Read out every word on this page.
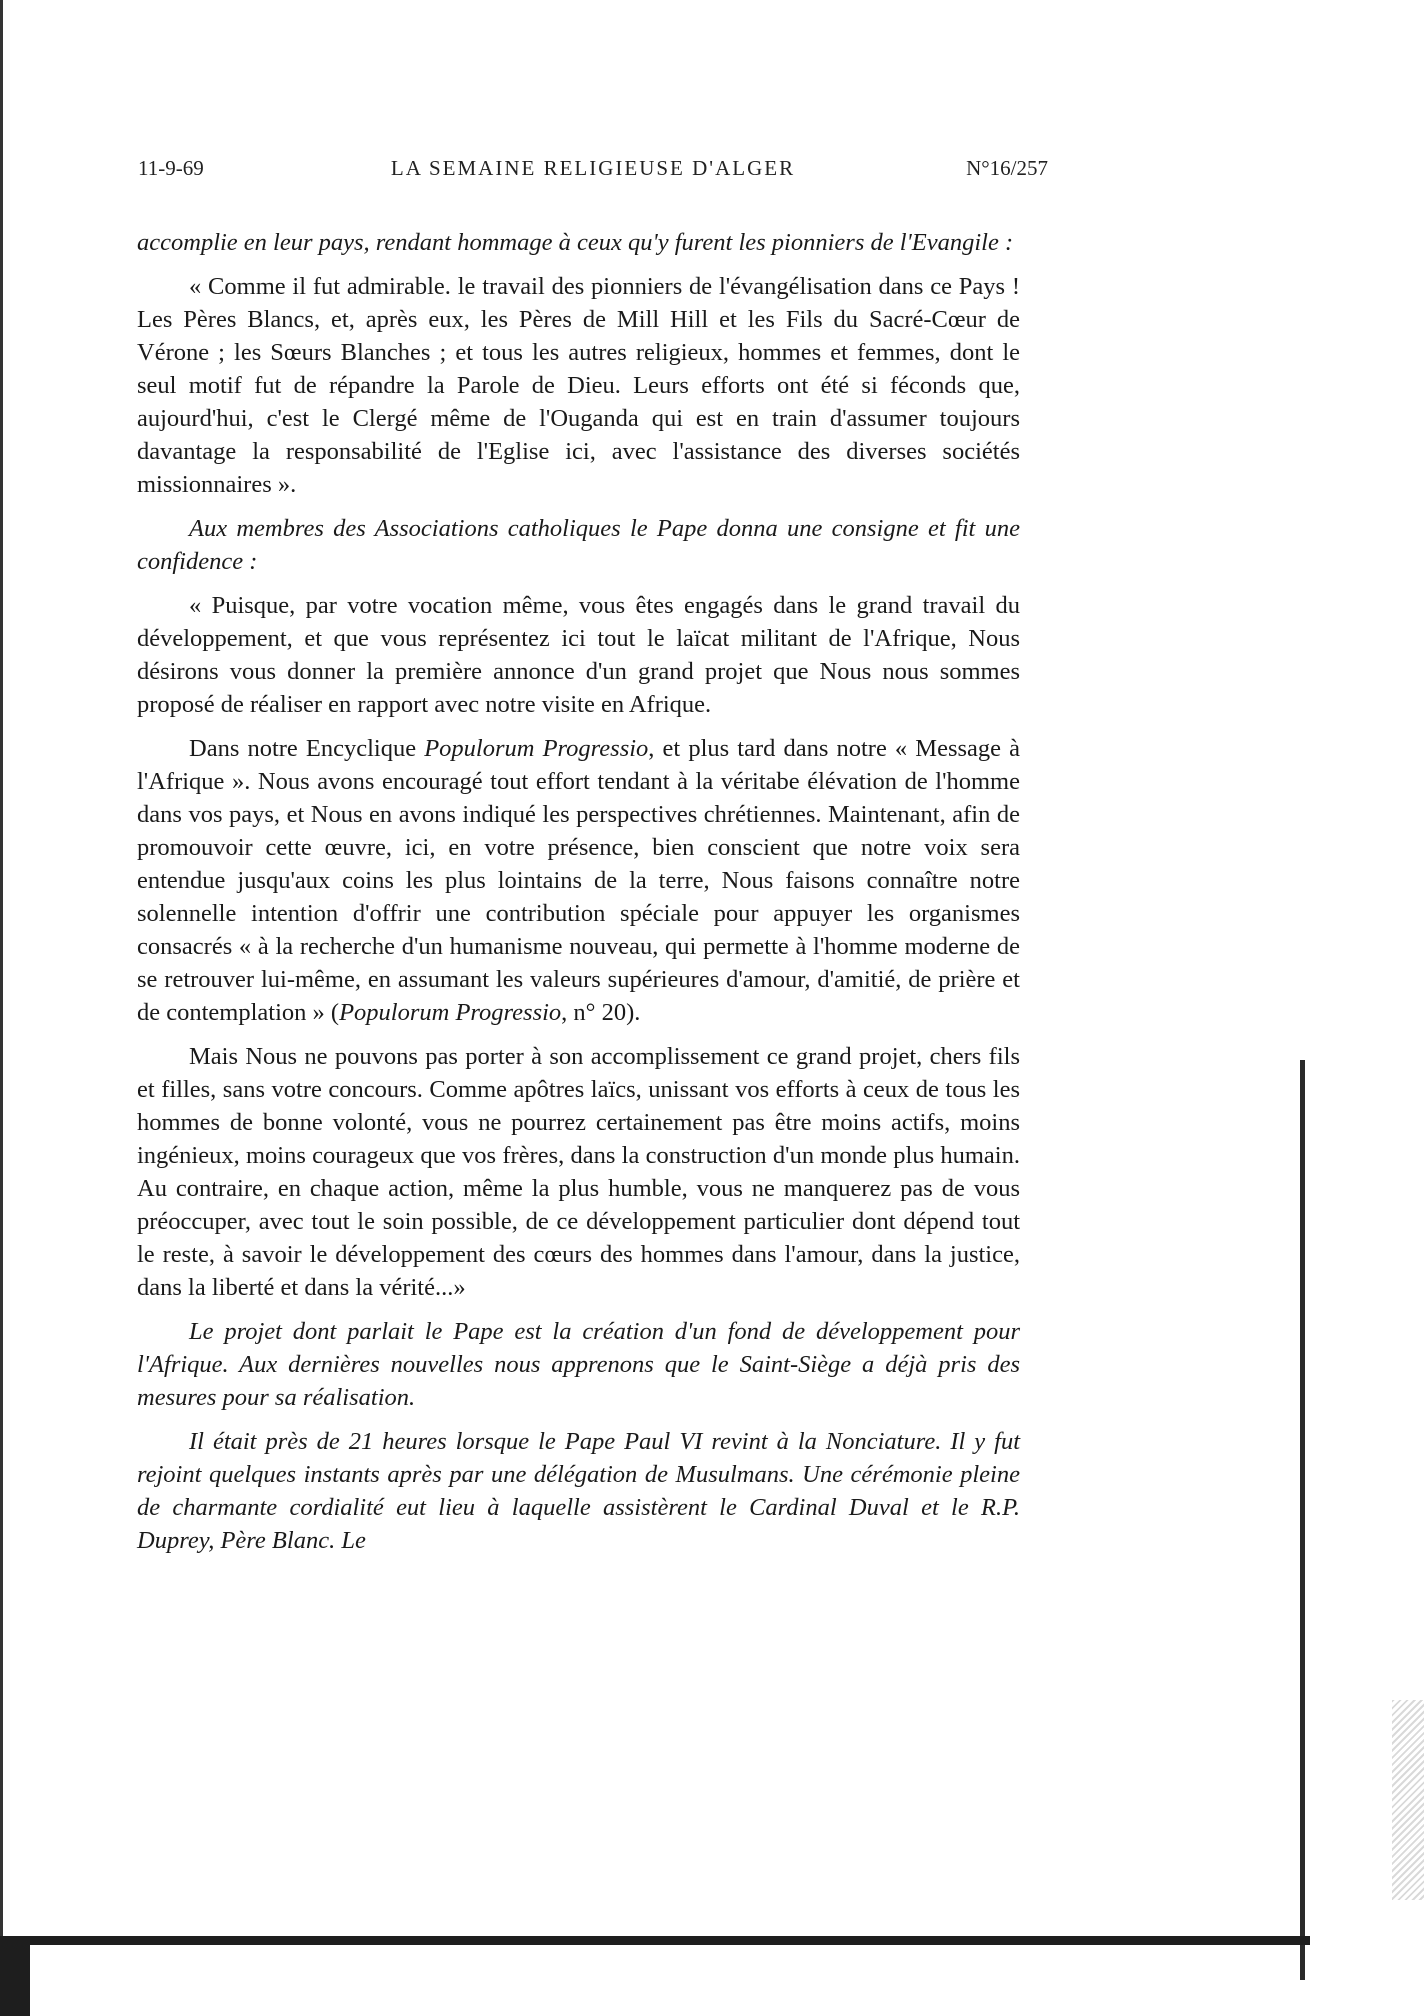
11-9-69	LA SEMAINE RELIGIEUSE D'ALGER	N°16/257

accomplie en leur pays, rendant hommage à ceux qu'y furent les pionniers de l'Evangile :

« Comme il fut admirable. le travail des pionniers de l'évangélisation dans ce Pays ! Les Pères Blancs, et, après eux, les Pères de Mill Hill et les Fils du Sacré-Cœur de Vérone ; les Sœurs Blanches ; et tous les autres religieux, hommes et femmes, dont le seul motif fut de répandre la Parole de Dieu. Leurs efforts ont été si féconds que, aujourd'hui, c'est le Clergé même de l'Ouganda qui est en train d'assumer toujours davantage la responsabilité de l'Eglise ici, avec l'assistance des diverses sociétés missionnaires ».

Aux membres des Associations catholiques le Pape donna une consigne et fit une confidence :

« Puisque, par votre vocation même, vous êtes engagés dans le grand travail du développement, et que vous représentez ici tout le laïcat militant de l'Afrique, Nous désirons vous donner la première annonce d'un grand projet que Nous nous sommes proposé de réaliser en rapport avec notre visite en Afrique.

Dans notre Encyclique Populorum Progressio, et plus tard dans notre « Message à l'Afrique ». Nous avons encouragé tout effort tendant à la véritabe élévation de l'homme dans vos pays, et Nous en avons indiqué les perspectives chrétiennes. Maintenant, afin de promouvoir cette œuvre, ici, en votre présence, bien conscient que notre voix sera entendue jusqu'aux coins les plus lointains de la terre, Nous faisons connaître notre solennelle intention d'offrir une contribution spéciale pour appuyer les organismes consacrés « à la recherche d'un humanisme nouveau, qui permette à l'homme moderne de se retrouver lui-même, en assumant les valeurs supérieures d'amour, d'amitié, de prière et de contemplation » (Populorum Progressio, n° 20).

Mais Nous ne pouvons pas porter à son accomplissement ce grand projet, chers fils et filles, sans votre concours. Comme apôtres laïcs, unissant vos efforts à ceux de tous les hommes de bonne volonté, vous ne pourrez certainement pas être moins actifs, moins ingénieux, moins courageux que vos frères, dans la construction d'un monde plus humain. Au contraire, en chaque action, même la plus humble, vous ne manquerez pas de vous préoccuper, avec tout le soin possible, de ce développement particulier dont dépend tout le reste, à savoir le développement des cœurs des hommes dans l'amour, dans la justice, dans la liberté et dans la vérité...»

Le projet dont parlait le Pape est la création d'un fond de développement pour l'Afrique. Aux dernières nouvelles nous apprenons que le Saint-Siège a déjà pris des mesures pour sa réalisation.

Il était près de 21 heures lorsque le Pape Paul VI revint à la Nonciature. Il y fut rejoint quelques instants après par une délégation de Musulmans. Une cérémonie pleine de charmante cordialité eut lieu à laquelle assistèrent le Cardinal Duval et le R.P. Duprey, Père Blanc. Le
